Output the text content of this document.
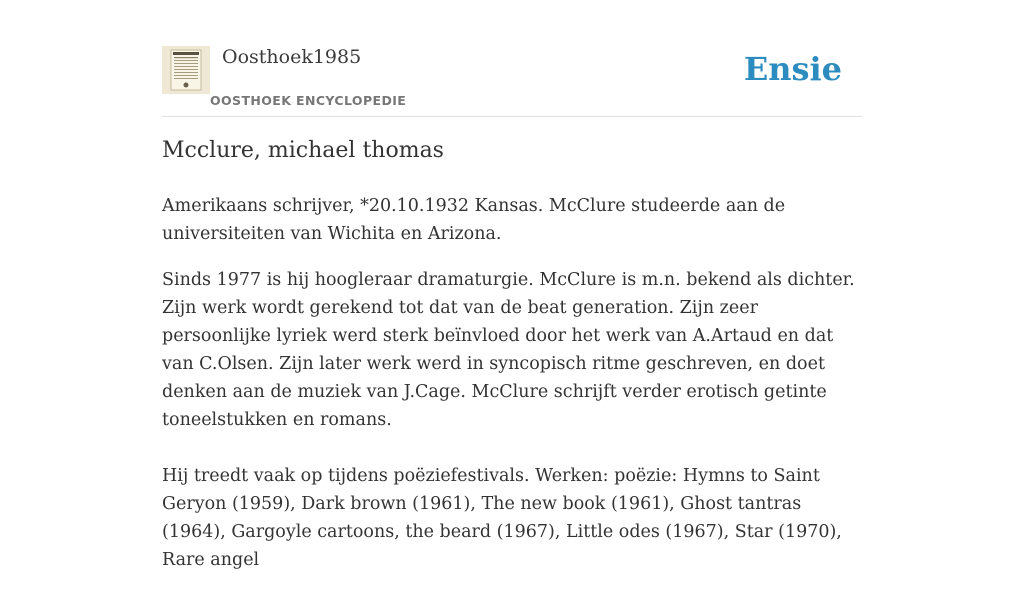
Oosthoek1985
OOSTHOEK ENCYCLOPEDIE
Ensie
Mcclure, michael thomas

Amerikaans schrijver, *20.10.1932 Kansas. McClure studeerde aan de universiteiten van Wichita en Arizona.

Sinds 1977 is hij hoogleraar dramaturgie. McClure is m.n. bekend als dichter. Zijn werk wordt gerekend tot dat van de beat generation. Zijn zeer persoonlijke lyriek werd sterk beïnvloed door het werk van A.Artaud en dat van C.Olsen. Zijn later werk werd in syncopisch ritme geschreven, en doet denken aan de muziek van J.Cage. McClure schrijft verder erotisch getinte toneelstukken en romans.

Hij treedt vaak op tijdens poëziefestivals. Werken: poëzie: Hymns to Saint Geryon (1959), Dark brown (1961), The new book (1961), Ghost tantras (1964), Gargoyle cartoons, the beard (1967), Little odes (1967), Star (1970), Rare angel
